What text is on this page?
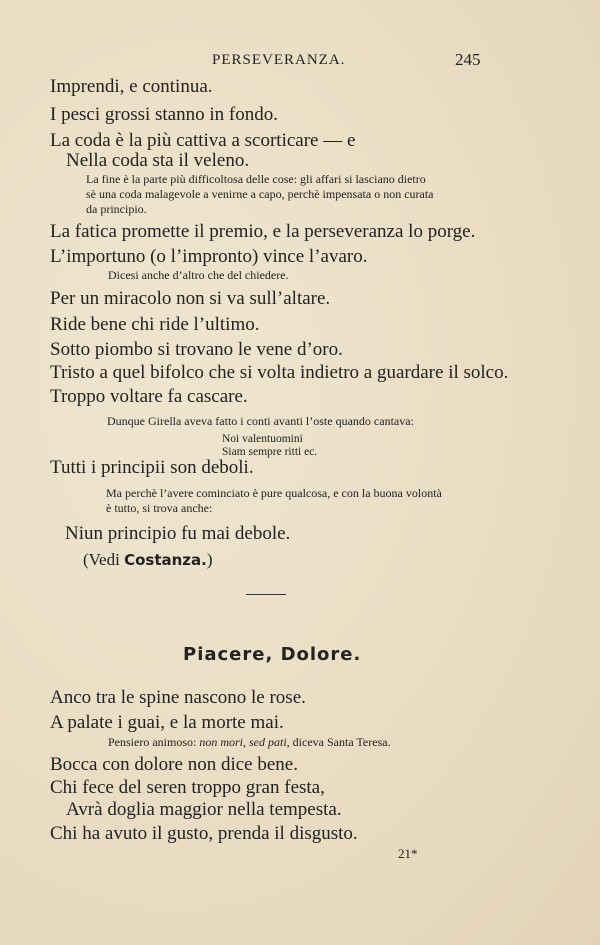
PERSEVERANZA.	245
Imprendi, e continua.
I pesci grossi stanno in fondo.
La coda è la più cattiva a scorticare — e
Nella coda sta il veleno.
La fine è la parte più difficoltosa delle cose: gli affari si lasciano dietro
sè una coda malagevole a venirne a capo, perchè impensata o non curata
da principio.
La fatica promette il premio, e la perseveranza lo porge.
L’importuno (o l’impronto) vince l’avaro.
Dicesi anche d’altro che del chiedere.
Per un miracolo non si va sull’altare.
Ride bene chi ride l’ultimo.
Sotto piombo si trovano le vene d’oro.
Tristo a quel bifolco che si volta indietro a guardare il solco.
Troppo voltare fa cascare.
Dunque Girella aveva fatto i conti avanti l’oste quando cantava:
Noi valentuomini
Siam sempre ritti ec.
Tutti i principii son deboli.
Ma perchè l’avere cominciato è pure qualcosa, e con la buona volontà
è tutto, si trova anche:
Niun principio fu mai debole.
(Vedi Costanza.)
Piacere, Dolore.
Anco tra le spine nascono le rose.
A palate i guai, e la morte mai.
Pensiero animoso: non mori, sed pati, diceva Santa Teresa.
Bocca con dolore non dice bene.
Chi fece del seren troppo gran festa,
Avrà doglia maggior nella tempesta.
Chi ha avuto il gusto, prenda il disgusto.
21*
